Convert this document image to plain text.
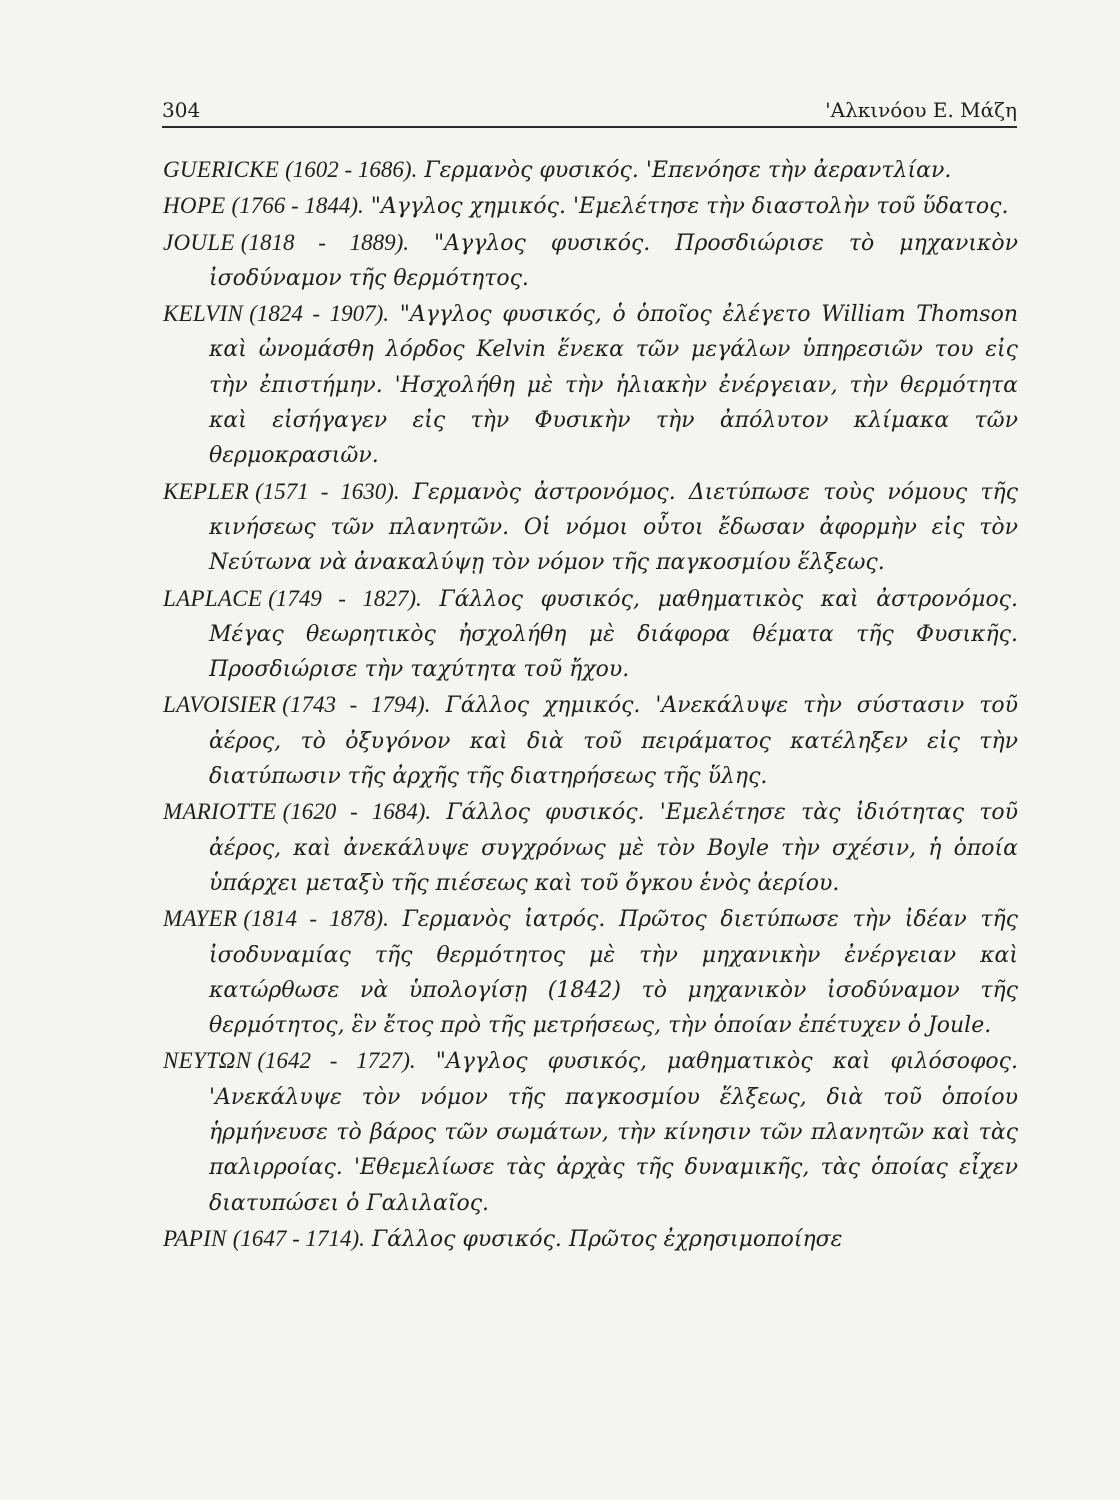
304	'Αλκινόου Ε. Μάζη

GUERICKE (1602 - 1686). Γερμανὸς φυσικός. 'Επενόησε τὴν ἀεραντλίαν.

HOPE (1766 - 1844). "Αγγλος χημικός. 'Εμελέτησε τὴν διαστολὴν τοῦ ὕδατος.

JOULE (1818 - 1889). "Αγγλος φυσικός. Προσδιώρισε τὸ μηχανικὸν ἰσοδύναμον τῆς θερμότητος.

KELVIN (1824 - 1907). "Αγγλος φυσικός, ὁ ὁποῖος ἐλέγετο William Thomson καὶ ὠνομάσθη λόρδος Kelvin ἕνεκα τῶν μεγάλων ὑπηρεσιῶν του εἰς τὴν ἐπιστήμην. 'Ησχολήθη μὲ τὴν ἡλιακὴν ἐνέργειαν, τὴν θερμότητα καὶ εἰσήγαγεν εἰς τὴν Φυσικὴν τὴν ἀπόλυτον κλίμακα τῶν θερμοκρασιῶν.

KEPLER (1571 - 1630). Γερμανὸς ἀστρονόμος. Διετύπωσε τοὺς νόμους τῆς κινήσεως τῶν πλανητῶν. Οἱ νόμοι οὗτοι ἔδωσαν ἀφορμὴν εἰς τὸν Νεύτωνα νὰ ἀνακαλύψῃ τὸν νόμον τῆς παγκοσμίου ἕλξεως.

LAPLACE (1749 - 1827). Γάλλος φυσικός, μαθηματικὸς καὶ ἀστρονόμος. Μέγας θεωρητικὸς ἠσχολήθη μὲ διάφορα θέματα τῆς Φυσικῆς. Προσδιώρισε τὴν ταχύτητα τοῦ ἤχου.

LAVOISIER (1743 - 1794). Γάλλος χημικός. 'Ανεκάλυψε τὴν σύστασιν τοῦ ἀέρος, τὸ ὀξυγόνον καὶ διὰ τοῦ πειράματος κατέληξεν εἰς τὴν διατύπωσιν τῆς ἀρχῆς τῆς διατηρήσεως τῆς ὕλης.

MARIOTTE (1620 - 1684). Γάλλος φυσικός. 'Εμελέτησε τὰς ἰδιότητας τοῦ ἀέρος, καὶ ἀνεκάλυψε συγχρόνως μὲ τὸν Boyle τὴν σχέσιν, ἡ ὁποία ὑπάρχει μεταξὺ τῆς πιέσεως καὶ τοῦ ὄγκου ἑνὸς ἀερίου.

MAYER (1814 - 1878). Γερμανὸς ἰατρός. Πρῶτος διετύπωσε τὴν ἰδέαν τῆς ἰσοδυναμίας τῆς θερμότητος μὲ τὴν μηχανικὴν ἐνέργειαν καὶ κατώρθωσε νὰ ὑπολογίσῃ (1842) τὸ μηχανικὸν ἰσοδύναμον τῆς θερμότητος, ἓν ἔτος πρὸ τῆς μετρήσεως, τὴν ὁποίαν ἐπέτυχεν ὁ Joule.

ΝΕΥΤΩΝ (1642 - 1727). "Αγγλος φυσικός, μαθηματικὸς καὶ φιλόσοφος. 'Ανεκάλυψε τὸν νόμον τῆς παγκοσμίου ἕλξεως, διὰ τοῦ ὁποίου ἡρμήνευσε τὸ βάρος τῶν σωμάτων, τὴν κίνησιν τῶν πλανητῶν καὶ τὰς παλιρροίας. 'Εθεμελίωσε τὰς ἀρχὰς τῆς δυναμικῆς, τὰς ὁποίας εἶχεν διατυπώσει ὁ Γαλιλαῖος.

PAPIN (1647 - 1714). Γάλλος φυσικός. Πρῶτος ἐχρησιμοποίησε
